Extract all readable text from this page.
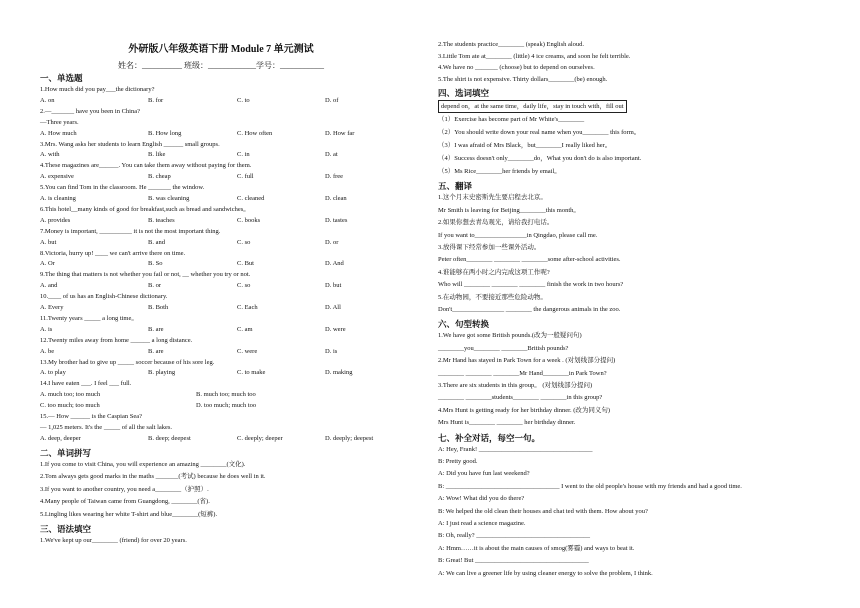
外研版八年级英语下册 Module 7 单元测试
姓名：__________ 班级：____________学号：___________
一、单选题
1.How much did you pay___the dictionary?
A. on	B. for	C. to	D. of
2.—_______ have you been in China?
—Three years.
A. How much	B. How long	C. How often	D. How far
3.Mrs. Wang asks her students to learn English ______ small groups.
A. with	B. like	C. in	D. at
4.These magazines are______. You can take them away without paying for them.
A. expensive	B. cheap	C. full	D. free
5.You can find Tom in the classroom. He _______ the window.
A. is cleaning	B. was cleaning	C. cleaned	D. clean
6.This hotel__many kinds of good for breakfast,such as bread and sandwiches。
A. provides	B. teaches	C. books	D. tastes
7.Money is important, __________ it is not the most important thing.
A. but	B. and	C. so	D. or
8.Victoria, hurry up! ____ we can't arrive there on time.
A. Or	B. So	C. But	D. And
9.The thing that matters is not whether you fail or not, __ whether you try or not.
A. and	B. or	C. so	D. but
10.____ of us has an English-Chinese dictionary.
A. Every	B. Both	C. Each	D. All
11.Twenty years _____ a long time。
A. is	B. are	C. am	D. were
12.Twenty miles away from home ______ a long distance.
A. be	B. are	C. were	D. is
13.My brother had to give up _____ soccer because of his sore leg.
A. to play	B. playing	C. to make	D. making
14.I have eaten ___. I feel ___ full.
A. much too; too much	B. much too; much too
C. too much; too much	D. too much; much too
15.— How ______ is the Caspian Sea?
— 1,025 meters. It's the _____ of all the salt lakes.
A. deep, deeper	B. deep; deepest	C. deeply; deeper	D. deeply; deepest
二、单词拼写
1.If you come to visit China, you will experience an amazing ________(文化).
2.Tom always gets good marks in the maths _______(考试) because he does well in it.
3.If you want to another country, you need a________（护照）.
4.Many people of Taiwan came from Guangdong, ________(省).
5.Lingling likes wearing her white T-shirt and blue________(短裤).
三、语法填空
1.We've kept up our________ (friend) for over 20 years.
2.The students practice________ (speak) English aloud.
3.Little Tom ate at________ (little) 4 ice creams, and soon he felt terrible.
4.We have no _______ (choose) but to depend on ourselves.
5.The shirt is not expensive. Thirty dollars________(be) enough.
四、选词填空
depend on，at the same time，daily life，stay in touch with，fill out
（1）Exercise has become part of Mr White's________
（2）You should write down your real name when you________ this form。
（3）I was afraid of Mrs Black，but________I really liked her。
（4）Success doesn't only________do，What you don't do is also important.
（5）Ms Rice________her friends by email。
五、翻译
1.这个月末史密斯先生要启程去北京。
Mr Smith is leaving for Beijing________this month。
2.如果你想去青岛观光，请给我打电话。
If you want to________________in Qingdao, please call me.
3.放得课下经常参加一些课外活动。
Peter often________ ________ ________some after-school activities.
4.谁能够在两小时之内完成这项工作呢?
Who will ________ ________ ________ finish the work in two hours?
5.在动物园，不要接近那些危险动物。
Don't________________ ________ the dangerous animals in the zoo.
六、句型转换
1.We have got some British pounds.(改为一般疑问句)
________you________ ________British pounds?
2.Mr Hand has stayed in Park Town for a week . (对划线部分提问)
________ ________ ________Mr Hand________in Park Town?
3.There are six students in this group。 (对划线部分提问)
________ ________students________ ________in this group?
4.Mrs Hunt is getting ready for her birthday dinner. (改为同义句)
Mrs Hunt is________ ________ her birthday dinner.
七、补全对话，每空一句。
A: Hey, Frank! ___________________________________
B: Pretty good.
A: Did you have fun last weekend?
B: ___________________________________ I went to the old people's house with my friends and had a good time.
A: Wow! What did you do there?
B: We helped the old clean their houses and chat ted with them. How about you?
A: I just read a science magazine.
B: Oh, really? ___________________________________
A: Hmm……it is about the main causes of smog(雾霾) and ways to beat it.
B: Great! But ___________________________________
A: We can live a greener life by using cleaner energy to solve the problem, I think.
